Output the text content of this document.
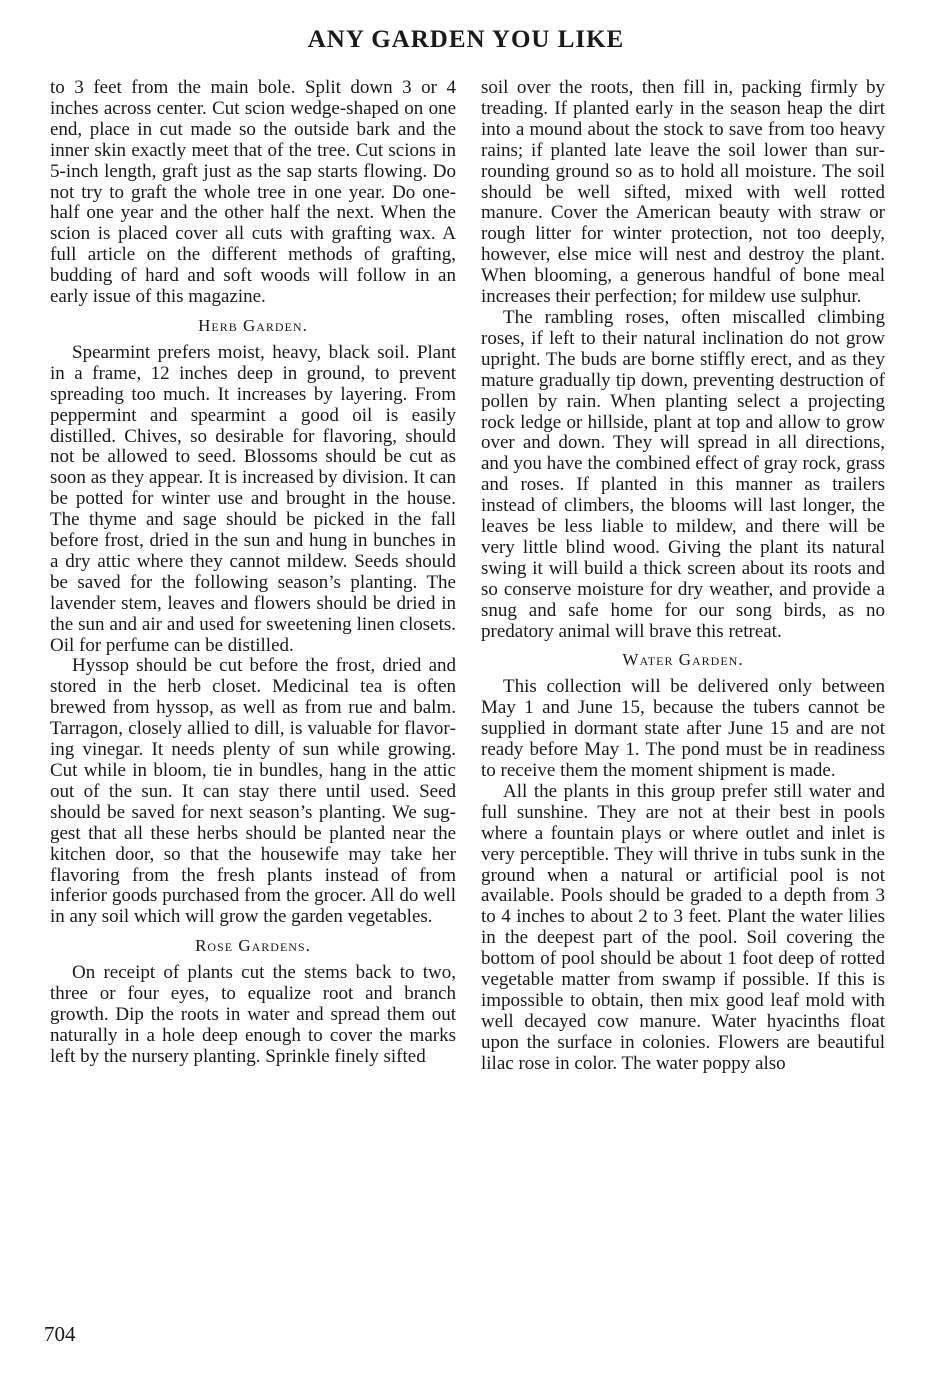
ANY GARDEN YOU LIKE

to 3 feet from the main bole. Split down 3 or 4 inches across center. Cut scion wedge-shaped on one end, place in cut made so the outside bark and the inner skin exactly meet that of the tree. Cut scions in 5-inch length, graft just as the sap starts flowing. Do not try to graft the whole tree in one year. Do one-half one year and the other half the next. When the scion is placed cover all cuts with grafting wax. A full article on the different methods of grafting, budding of hard and soft woods will follow in an early issue of this magazine.

Herb Garden.

Spearmint prefers moist, heavy, black soil. Plant in a frame, 12 inches deep in ground, to prevent spreading too much. It increases by layering. From peppermint and spearmint a good oil is easily distilled. Chives, so desirable for flavoring, should not be allowed to seed. Blossoms should be cut as soon as they appear. It is increased by division. It can be potted for winter use and brought in the house. The thyme and sage should be picked in the fall before frost, dried in the sun and hung in bunches in a dry attic where they cannot mildew. Seeds should be saved for the following season’s planting. The lavender stem, leaves and flowers should be dried in the sun and air and used for sweetening linen closets. Oil for perfume can be distilled.

Hyssop should be cut before the frost, dried and stored in the herb closet. Medicinal tea is often brewed from hyssop, as well as from rue and balm. Tarragon, closely allied to dill, is valuable for flavoring vinegar. It needs plenty of sun while growing. Cut while in bloom, tie in bundles, hang in the attic out of the sun. It can stay there until used. Seed should be saved for next season’s planting. We suggest that all these herbs should be planted near the kitchen door, so that the housewife may take her flavoring from the fresh plants instead of from inferior goods purchased from the grocer. All do well in any soil which will grow the garden vegetables.

Rose Gardens.

On receipt of plants cut the stems back to two, three or four eyes, to equalize root and branch growth. Dip the roots in water and spread them out naturally in a hole deep enough to cover the marks left by the nursery planting. Sprinkle finely sifted

soil over the roots, then fill in, packing firmly by treading. If planted early in the season heap the dirt into a mound about the stock to save from too heavy rains; if planted late leave the soil lower than surrounding ground so as to hold all moisture. The soil should be well sifted, mixed with well rotted manure. Cover the American beauty with straw or rough litter for winter protection, not too deeply, however, else mice will nest and destroy the plant. When blooming, a generous handful of bone meal increases their perfection; for mildew use sulphur.

The rambling roses, often miscalled climbing roses, if left to their natural inclination do not grow upright. The buds are borne stiffly erect, and as they mature gradually tip down, preventing destruction of pollen by rain. When planting select a projecting rock ledge or hillside, plant at top and allow to grow over and down. They will spread in all directions, and you have the combined effect of gray rock, grass and roses. If planted in this manner as trailers instead of climbers, the blooms will last longer, the leaves be less liable to mildew, and there will be very little blind wood. Giving the plant its natural swing it will build a thick screen about its roots and so conserve moisture for dry weather, and provide a snug and safe home for our song birds, as no predatory animal will brave this retreat.

Water Garden.

This collection will be delivered only between May 1 and June 15, because the tubers cannot be supplied in dormant state after June 15 and are not ready before May 1. The pond must be in readiness to receive them the moment shipment is made.

All the plants in this group prefer still water and full sunshine. They are not at their best in pools where a fountain plays or where outlet and inlet is very perceptible. They will thrive in tubs sunk in the ground when a natural or artificial pool is not available. Pools should be graded to a depth from 3 to 4 inches to about 2 to 3 feet. Plant the water lilies in the deepest part of the pool. Soil covering the bottom of pool should be about 1 foot deep of rotted vegetable matter from swamp if possible. If this is impossible to obtain, then mix good leaf mold with well decayed cow manure. Water hyacinths float upon the surface in colonies. Flowers are beautiful lilac rose in color. The water poppy also

704
